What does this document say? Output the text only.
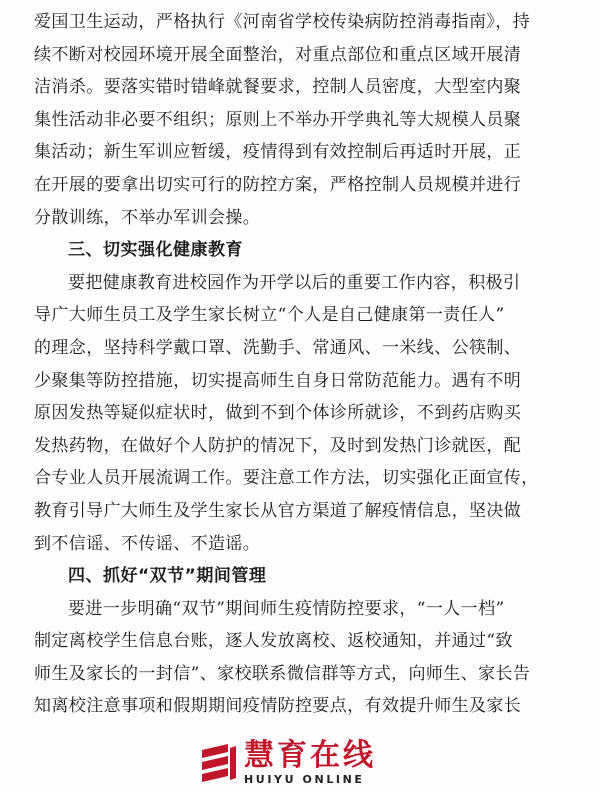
爱国卫生运动，严格执行《河南省学校传染病防控消毒指南》，持
续不断对校园环境开展全面整治，对重点部位和重点区域开展清
洁消杀。要落实错时错峰就餐要求，控制人员密度，大型室内聚
集性活动非必要不组织；原则上不举办开学典礼等大规模人员聚
集活动；新生军训应暂缓，疫情得到有效控制后再适时开展，正
在开展的要拿出切实可行的防控方案，严格控制人员规模并进行
分散训练，不举办军训会操。
三、切实强化健康教育
要把健康教育进校园作为开学以后的重要工作内容，积极引
导广大师生员工及学生家长树立“个人是自己健康第一责任人”
的理念，坚持科学戴口罩、洗勤手、常通风、一米线、公筷制、
少聚集等防控措施，切实提高师生自身日常防范能力。遇有不明
原因发热等疑似症状时，做到不到个体诊所就诊，不到药店购买
发热药物，在做好个人防护的情况下，及时到发热门诊就医，配
合专业人员开展流调工作。要注意工作方法，切实强化正面宣传，
教育引导广大师生及学生家长从官方渠道了解疫情信息，坚决做
到不信谣、不传谣、不造谣。
四、抓好“双节”期间管理
要进一步明确“双节”期间师生疫情防控要求，“一人一档”
制定离校学生信息台账，逐人发放离校、返校通知，并通过“致
师生及家长的一封信”、家校联系微信群等方式，向师生、家长告
知离校注意事项和假期期间疫情防控要点，有效提升师生及家长
慧育在线
HUIYU ONLINE
